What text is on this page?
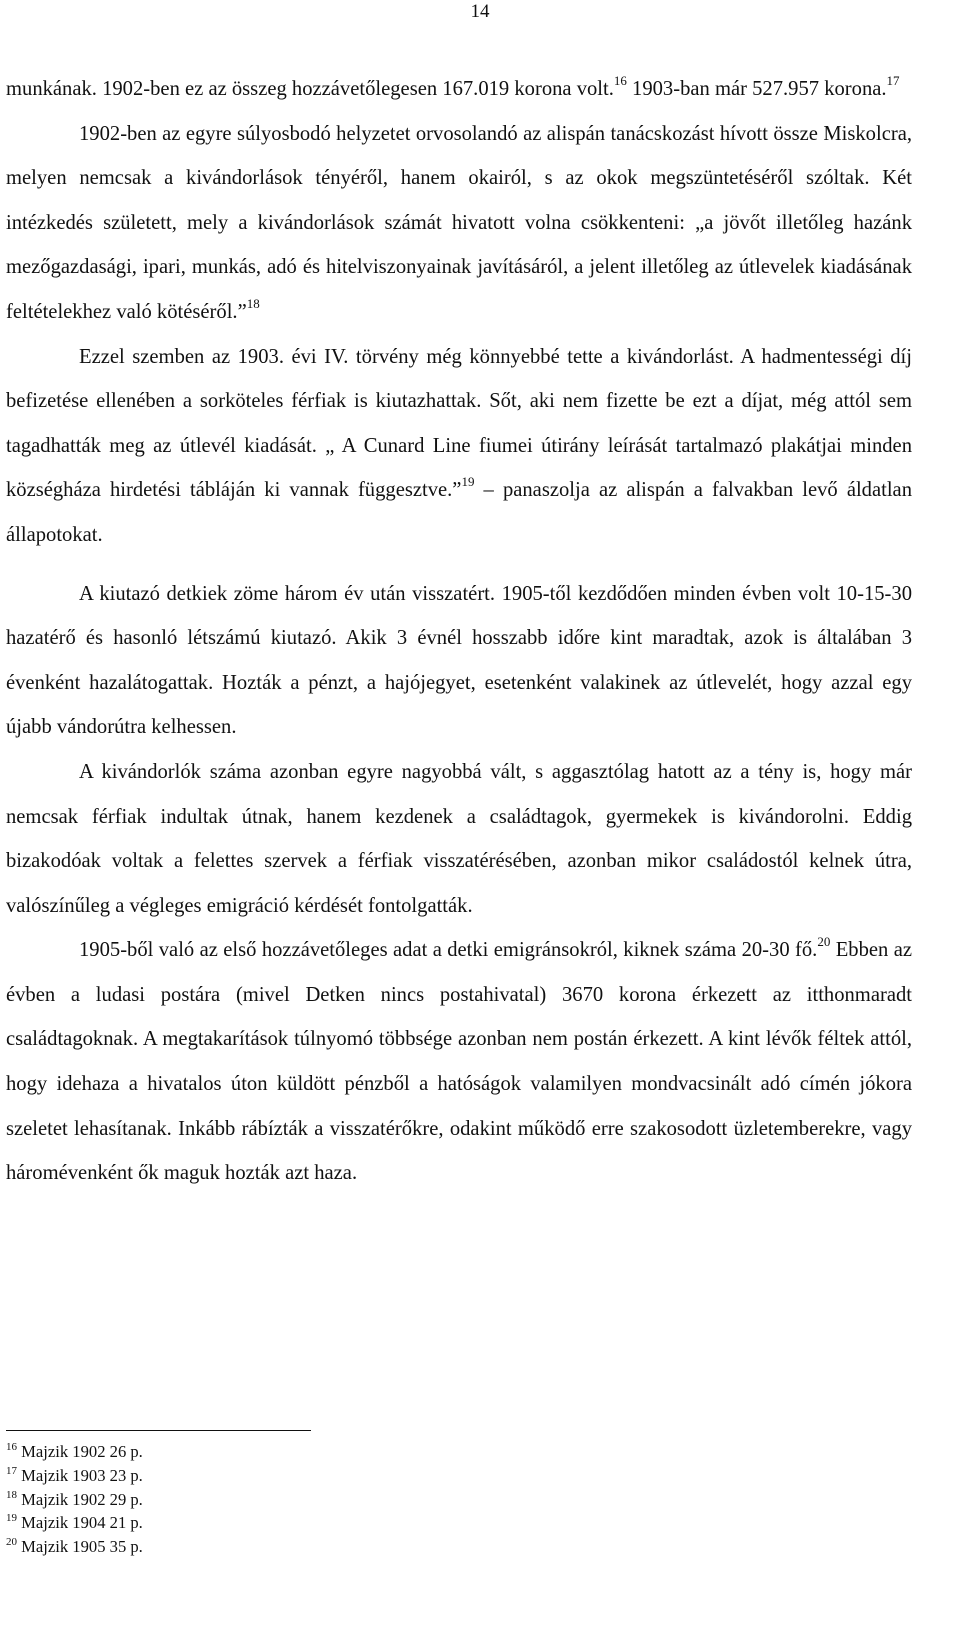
14

munkának. 1902-ben ez az összeg hozzávetőlegesen 167.019 korona volt.$^{16}$ 1903-ban már 527.957 korona.$^{17}$

1902-ben az egyre súlyosbodó helyzetet orvosolandó az alispán tanácskozást hívott össze Miskolcra, melyen nemcsak a kivándorlások tényéről, hanem okairól, s az okok megszüntetéséről szóltak. Két intézkedés született, mely a kivándorlások számát hivatott volna csökkenteni: „a jövőt illetőleg hazánk mezőgazdasági, ipari, munkás, adó és hitelviszonyainak javításáról, a jelent illetőleg az útlevelek kiadásának feltételekhez való kötéséről.”$^{18}$

Ezzel szemben az 1903. évi IV. törvény még könnyebbé tette a kivándorlást. A hadmentességi díj befizetése ellenében a sorköteles férfiak is kiutazhattak. Sőt, aki nem fizette be ezt a díjat, még attól sem tagadhatták meg az útlevél kiadását. „ A Cunard Line fiumei útirány leírását tartalmazó plakátjai minden községháza hirdetési tábláján ki vannak függesztve.”$^{19}$ – panaszolja az alispán a falvakban levő áldatlan állapotokat.

A kiutazó detkiek zöme három év után visszatért. 1905-től kezdődően minden évben volt 10-15-30 hazatérő és hasonló létszámú kiutazó. Akik 3 évnél hosszabb időre kint maradtak, azok is általában 3 évenként hazalátogattak. Hozták a pénzt, a hajójegyet, esetenként valakinek az útlevelét, hogy azzal egy újabb vándorútra kelhessen.

A kivándorlók száma azonban egyre nagyobbá vált, s aggasztólag hatott az a tény is, hogy már nemcsak férfiak indultak útnak, hanem kezdenek a családtagok, gyermekek is kivándorolni. Eddig bizakodóak voltak a felettes szervek a férfiak visszatérésében, azonban mikor családostól kelnek útra, valószínűleg a végleges emigráció kérdését fontolgatták.

1905-ből való az első hozzávetőleges adat a detki emigránsokról, kiknek száma 20-30 fő.$^{20}$ Ebben az évben a ludasi postára (mivel Detken nincs postahivatal) 3670 korona érkezett az itthonmaradt családtagoknak. A megtakarítások túlnyomó többsége azonban nem postán érkezett. A kint lévők féltek attól, hogy idehaza a hivatalos úton küldött pénzből a hatóságok valamilyen mondvacsinált adó címén jókora szeletet lehasítanak. Inkább rábízták a visszatérőkre, odakint működő erre szakosodott üzletemberekre, vagy háromévenként ők maguk hozták azt haza.

$^{16}$ Majzik 1902 26 p.
$^{17}$ Majzik 1903 23 p.
$^{18}$ Majzik 1902 29 p.
$^{19}$ Majzik 1904 21 p.
$^{20}$ Majzik 1905 35 p.
